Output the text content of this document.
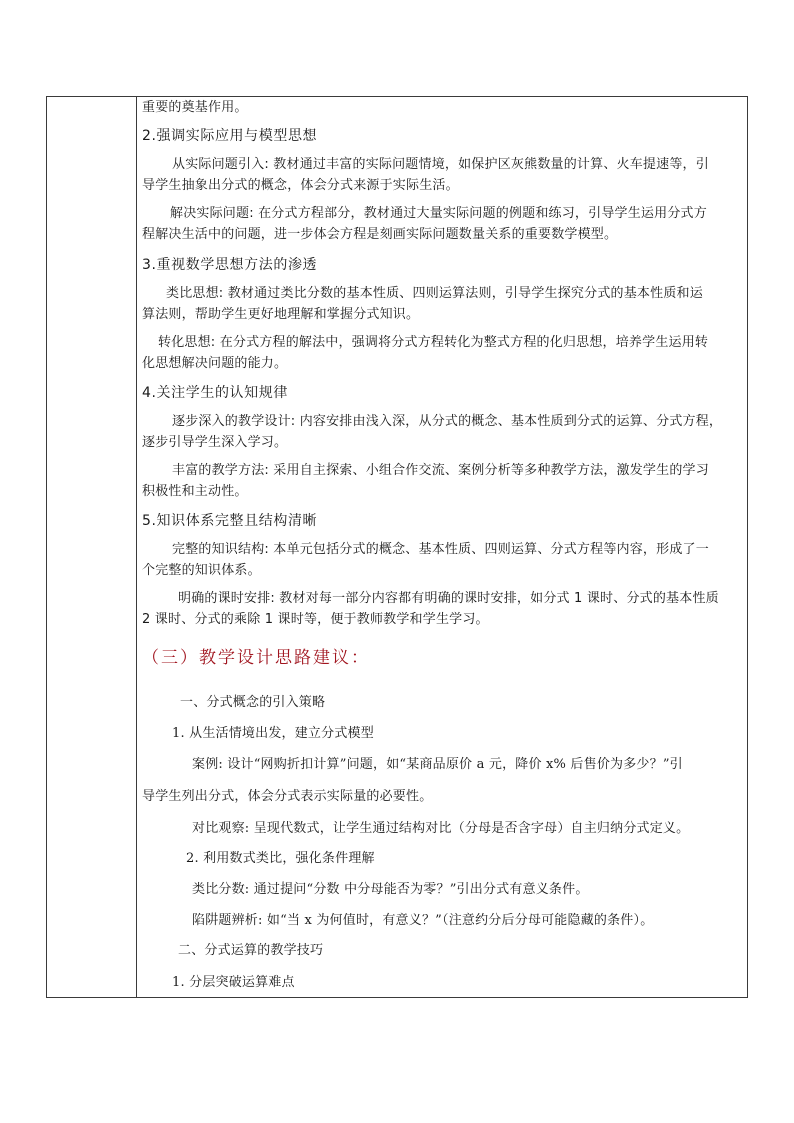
重要的奠基作用。
2.强调实际应用与模型思想
从实际问题引入: 教材通过丰富的实际问题情境，如保护区灰熊数量的计算、火车提速等，引
导学生抽象出分式的概念，体会分式来源于实际生活。
解决实际问题: 在分式方程部分，教材通过大量实际问题的例题和练习，引导学生运用分式方
程解决生活中的问题，进一步体会方程是刻画实际问题数量关系的重要数学模型。
3.重视数学思想方法的渗透
类比思想: 教材通过类比分数的基本性质、四则运算法则，引导学生探究分式的基本性质和运
算法则，帮助学生更好地理解和掌握分式知识。
转化思想: 在分式方程的解法中，强调将分式方程转化为整式方程的化归思想，培养学生运用转
化思想解决问题的能力。
4.关注学生的认知规律
逐步深入的教学设计: 内容安排由浅入深，从分式的概念、基本性质到分式的运算、分式方程，
逐步引导学生深入学习。
丰富的教学方法: 采用自主探索、小组合作交流、案例分析等多种教学方法，激发学生的学习
积极性和主动性。
5.知识体系完整且结构清晰
完整的知识结构: 本单元包括分式的概念、基本性质、四则运算、分式方程等内容，形成了一
个完整的知识体系。
明确的课时安排: 教材对每一部分内容都有明确的课时安排，如分式 1 课时、分式的基本性质
2 课时、分式的乘除 1 课时等，便于教师教学和学生学习。
（三）教学设计思路建议：
一、分式概念的引入策略
1. 从生活情境出发，建立分式模型
案例: 设计“网购折扣计算”问题，如“某商品原价 a 元，降价 x% 后售价为多少？”引
导学生列出分式，体会分式表示实际量的必要性。
对比观察: 呈现代数式，让学生通过结构对比（分母是否含字母）自主归纳分式定义。
2. 利用数式类比，强化条件理解
类比分数: 通过提问“分数 中分母能否为零？”引出分式有意义条件。
陷阱题辨析: 如“当 x 为何值时，有意义？”（注意约分后分母可能隐藏的条件）。
二、分式运算的教学技巧
1. 分层突破运算难点
